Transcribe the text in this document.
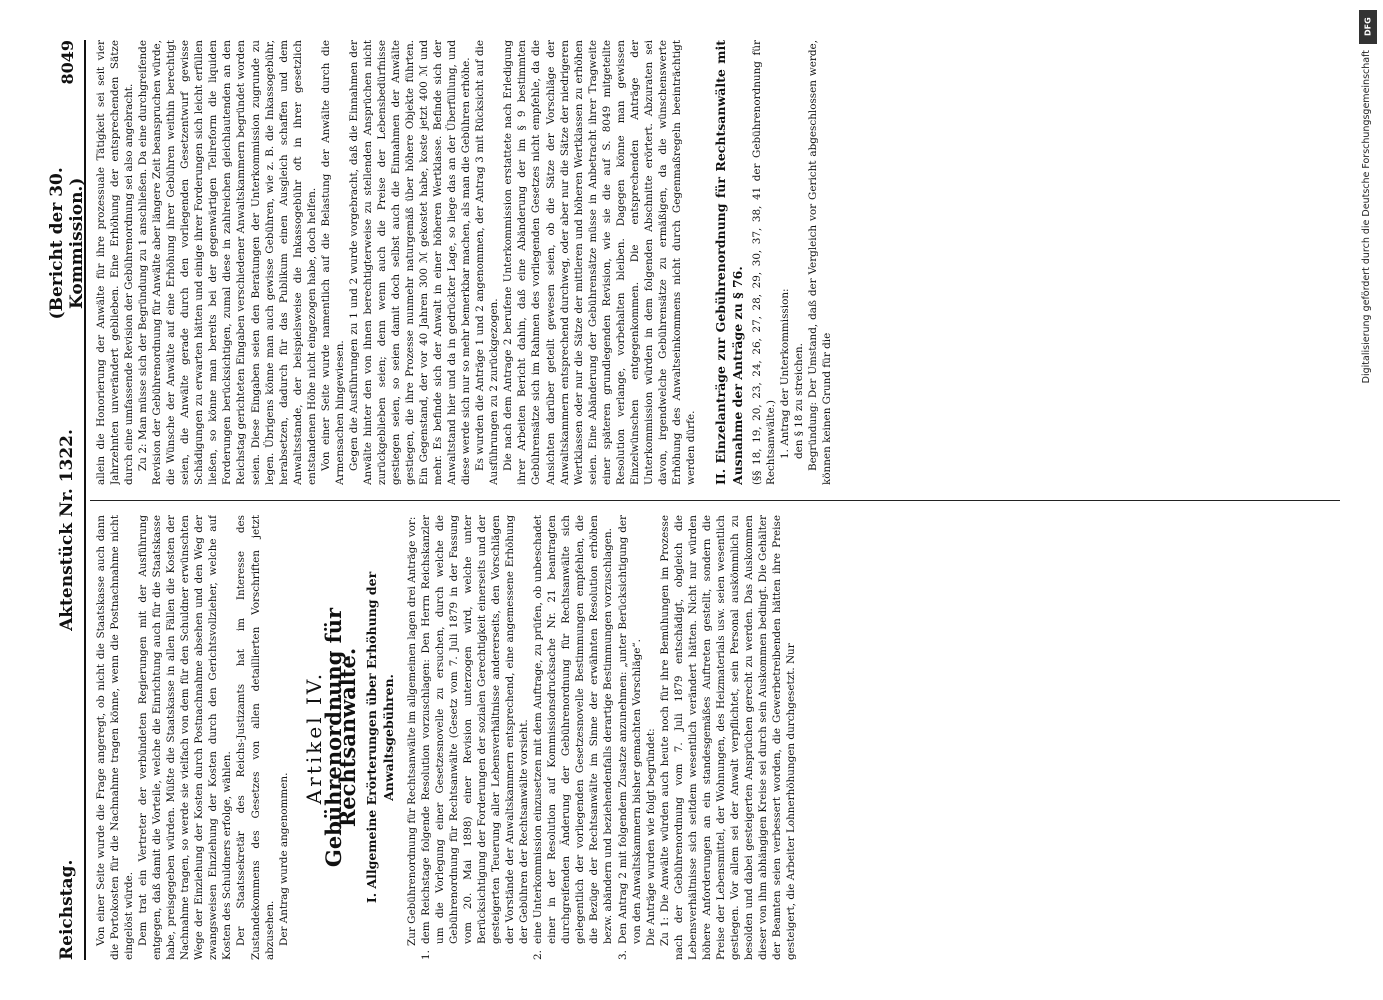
Reichstag.
Aktenstück Nr. 1322.
(Bericht der 30. Kommission.)
8049

Von einer Seite wurde die Frage angeregt, ob nicht die Staatskasse auch dann die Portokosten für die Nachnahme tragen könne, wenn die Postnachnahme nicht eingelöst würde. Dem trat ein Vertreter der verbündeten Regierungen mit der Ausführung entgegen, daß damit die Vorteile, welche die Einrichtung auch für die Staatskasse habe, preisgegeben würden. Müßte die Staatskasse in allen Fällen die Kosten der Nachnahme tragen, so werde sie vielfach von dem für den Schuldner erwünschten Wege der Einziehung der Kosten durch Postnachnahme absehen und den Weg der zwangsweisen Einziehung der Kosten durch den Gerichtsvollzieher, welche auf Kosten des Schuldners erfolge, wählen. Der Staatssekretär des Reichs-Justizamts hat im Interesse des Zustandekommens des Gesetzes von allen detaillierten Vorschriften jetzt abzusehen. Der Antrag wurde angenommen.

Artikel IV.

Gebührenordnung für Rechtsanwälte. I. Allgemeine Erörterungen über Erhöhung der Anwaltsgebühren. Zur Gebührenordnung für Rechtsanwälte im allgemeinen lagen drei Anträge vor:

1.
dem Reichstage folgende Resolution vorzuschlagen: Den Herrn Reichskanzler um die Vorlegung einer Gesetzesnovelle zu ersuchen, durch welche die Gebührenordnung für Rechtsanwälte (Gesetz vom 7. Juli 1879 in der Fassung vom 20. Mai 1898) einer Revision unterzogen wird, welche unter Berücksichtigung der Forderungen der sozialen Gerechtigkeit einerseits und der gesteigerten Teuerung aller Lebensverhältnisse andererseits, den Vorschlägen der Vorstände der Anwaltskammern entsprechend, eine angemessene Erhöhung der Gebühren der Rechtsanwälte vorsieht.

2.
eine Unterkommission einzusetzen mit dem Auftrage, zu prüfen, ob unbeschadet einer in der Resolution auf Kommissionsdrucksache Nr. 21 beantragten durchgreifenden Änderung der Gebührenordnung für Rechtsanwälte sich gelegentlich der vorliegenden Gesetzesnovelle Bestimmungen empfehlen, die die Bezüge der Rechtsanwälte im Sinne der erwähnten Resolution erhöhen bezw. abändern und beziehendenfalls derartige Bestimmungen vorzuschlagen.

3.
Den Antrag 2 mit folgendem Zusatze anzunehmen: „unter Berücksichtigung der von den Anwaltskammern bisher gemachten Vorschläge“. Die Anträge wurden wie folgt begründet: Zu 1: Die Anwälte würden auch heute noch für ihre Bemühungen im Prozesse nach der Gebührenordnung vom 7. Juli 1879 entschädigt, obgleich die Lebensverhältnisse sich seitdem wesentlich verändert hätten. Nicht nur würden höhere Anforderungen an ein standesgemäßes Auftreten gestellt, sondern die Preise der Lebensmittel, der Wohnungen, des Heizmaterials usw. seien wesentlich gestiegen. Vor allem sei der Anwalt verpflichtet, sein Personal auskömmlich zu besolden und dabei gesteigerten Ansprüchen gerecht zu werden. Das Auskommen dieser von ihm abhängigen Kreise sei durch sein Auskommen bedingt. Die Gehälter der Beamten seien verbessert worden, die Gewerbetreibenden hätten ihre Preise gesteigert, die Arbeiter Lohnerhöhungen durchgesetzt. Nur

allein die Honorierung der Anwälte für ihre prozessuale Tätigkeit sei seit vier Jahrzehnten unverändert geblieben. Eine Erhöhung der entsprechenden Sätze durch eine umfassende Revision der Gebührenordnung sei also angebracht. Zu 2: Man müsse sich der Begründung zu 1 anschließen. Da eine durchgreifende Revision der Gebührenordnung für Anwälte aber längere Zeit beanspruchen würde, die Wünsche der Anwälte auf eine Erhöhung ihrer Gebühren weithin berechtigt seien, die Anwälte gerade durch den vorliegenden Gesetzentwurf gewisse Schädigungen zu erwarten hätten und einige ihrer Forderungen sich leicht erfüllen ließen, so könne man bereits bei der gegenwärtigen Teilreform die liquiden Forderungen berücksichtigen, zumal diese in zahlreichen gleichlautenden an den Reichstag gerichteten Eingaben verschiedener Anwaltskammern begründet worden seien. Diese Eingaben seien den Beratungen der Unterkommission zugrunde zu legen. Übrigens könne man auch gewisse Gebühren, wie z. B. die Inkassogebühr, herabsetzen, dadurch für das Publikum einen Ausgleich schaffen und dem Anwaltsstande, der beispielsweise die Inkassogebühr oft in ihrer gesetzlich entstandenen Höhe nicht eingezogen habe, doch helfen. Von einer Seite wurde namentlich auf die Belastung der Anwälte durch die Armensachen hingewiesen. Gegen die Ausführungen zu 1 und 2 wurde vorgebracht, daß die Einnahmen der Anwälte hinter den von ihnen berechtigterweise zu stellenden Ansprüchen nicht zurückgeblieben seien; denn wenn auch die Preise der Lebensbedürfnisse gestiegen seien, so seien damit doch selbst auch die Einnahmen der Anwälte gestiegen, die ihre Prozesse nunmehr naturgemäß über höhere Objekte führten. Ein Gegenstand, der vor 40 Jahren 300 ℳ gekostet habe, koste jetzt 400 ℳ und mehr. Es befinde sich der Anwalt in einer höheren Wertklasse. Befinde sich der Anwaltstand hier und da in gedrückter Lage, so liege das an der Überfüllung, und diese werde sich nur so mehr bemerkbar machen, als man die Gebühren erhöhe. Es wurden die Anträge 1 und 2 angenommen, der Antrag 3 mit Rücksicht auf die Ausführungen zu 2 zurückgezogen. Die nach dem Antrage 2 berufene Unterkommission erstattete nach Erledigung ihrer Arbeiten Bericht dahin, daß eine Abänderung der im § 9 bestimmten Gebührensätze sich im Rahmen des vorliegenden Gesetzes nicht empfehle, da die Ansichten darüber geteilt gewesen seien, ob die Sätze der Vorschläge der Anwaltskammern entsprechend durchweg, oder aber nur die Sätze der niedrigeren Wertklassen oder nur die Sätze der mittleren und höheren Wertklassen zu erhöhen seien. Eine Abänderung der Gebührensätze müsse in Anbetracht ihrer Tragweite einer späteren grundlegenden Revision, wie sie die auf S. 8049 mitgeteilte Resolution verlange, vorbehalten bleiben. Dagegen könne man gewissen Einzelwünschen entgegenkommen. Die entsprechenden Anträge der Unterkommission würden in dem folgenden Abschnitte erörtert. Abzuraten sei davon, irgendwelche Gebührensätze zu ermäßigen, da die wünschenswerte Erhöhung des Anwaltseinkommens nicht durch Gegenmaßregeln beeinträchtigt werden dürfe. II. Einzelanträge zur Gebührenordnung für Rechtsanwälte mit Ausnahme der Anträge zu § 76. (§§ 18, 19, 20, 23, 24, 26, 27, 28, 29, 30, 37, 38, 41 der Gebührenordnung für Rechtsanwälte.) 1. Antrag der Unterkommission: den § 18 zu streichen. Begründung: Der Umstand, daß der Vergleich vor Gericht abgeschlossen werde, können keinen Grund für die

DFG
Digitalisierung gefördert durch die Deutsche Forschungsgemeinschaft
